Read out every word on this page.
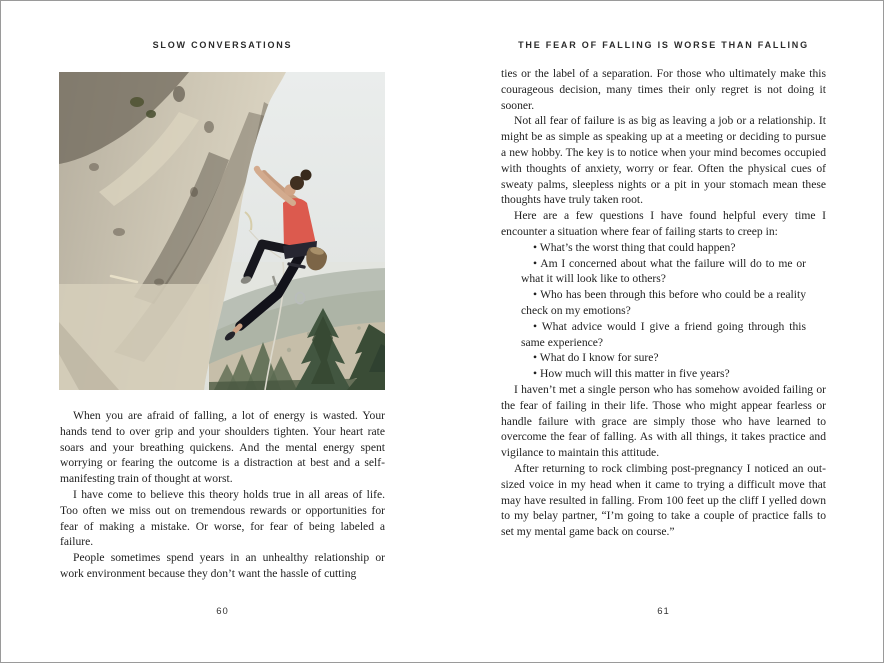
SLOW CONVERSATIONS

When you are afraid of falling, a lot of energy is wasted. Your hands tend to over grip and your shoulders tighten. Your heart rate soars and your breathing quickens. And the mental energy spent worrying or fearing the outcome is a distraction at best and a self-manifesting train of thought at worst.

I have come to believe this theory holds true in all areas of life. Too often we miss out on tremendous rewards or opportunities for fear of making a mistake. Or worse, for fear of being labeled a failure.

People sometimes spend years in an unhealthy relationship or work environment because they don’t want the hassle of cutting

60
THE FEAR OF FALLING IS WORSE THAN FALLING

ties or the label of a separation. For those who ultimately make this courageous decision, many times their only regret is not doing it sooner.

Not all fear of failure is as big as leaving a job or a relationship. It might be as simple as speaking up at a meeting or deciding to pursue a new hobby. The key is to notice when your mind becomes occupied with thoughts of anxiety, worry or fear. Often the physical cues of sweaty palms, sleepless nights or a pit in your stomach mean these thoughts have truly taken root.

Here are a few questions I have found helpful every time I encounter a situation where fear of failing starts to creep in:

• What’s the worst thing that could happen?

• Am I concerned about what the failure will do to me or what it will look like to others?

• Who has been through this before who could be a reality check on my emotions?

• What advice would I give a friend going through this same experience?

• What do I know for sure?

• How much will this matter in five years?

I haven’t met a single person who has somehow avoided failing or the fear of failing in their life. Those who might appear fearless or handle failure with grace are simply those who have learned to overcome the fear of falling. As with all things, it takes practice and vigilance to maintain this attitude.

After returning to rock climbing post-pregnancy I noticed an out-sized voice in my head when it came to trying a difficult move that may have resulted in falling. From 100 feet up the cliff I yelled down to my belay partner, “I’m going to take a couple of practice falls to set my mental game back on course.”

61
